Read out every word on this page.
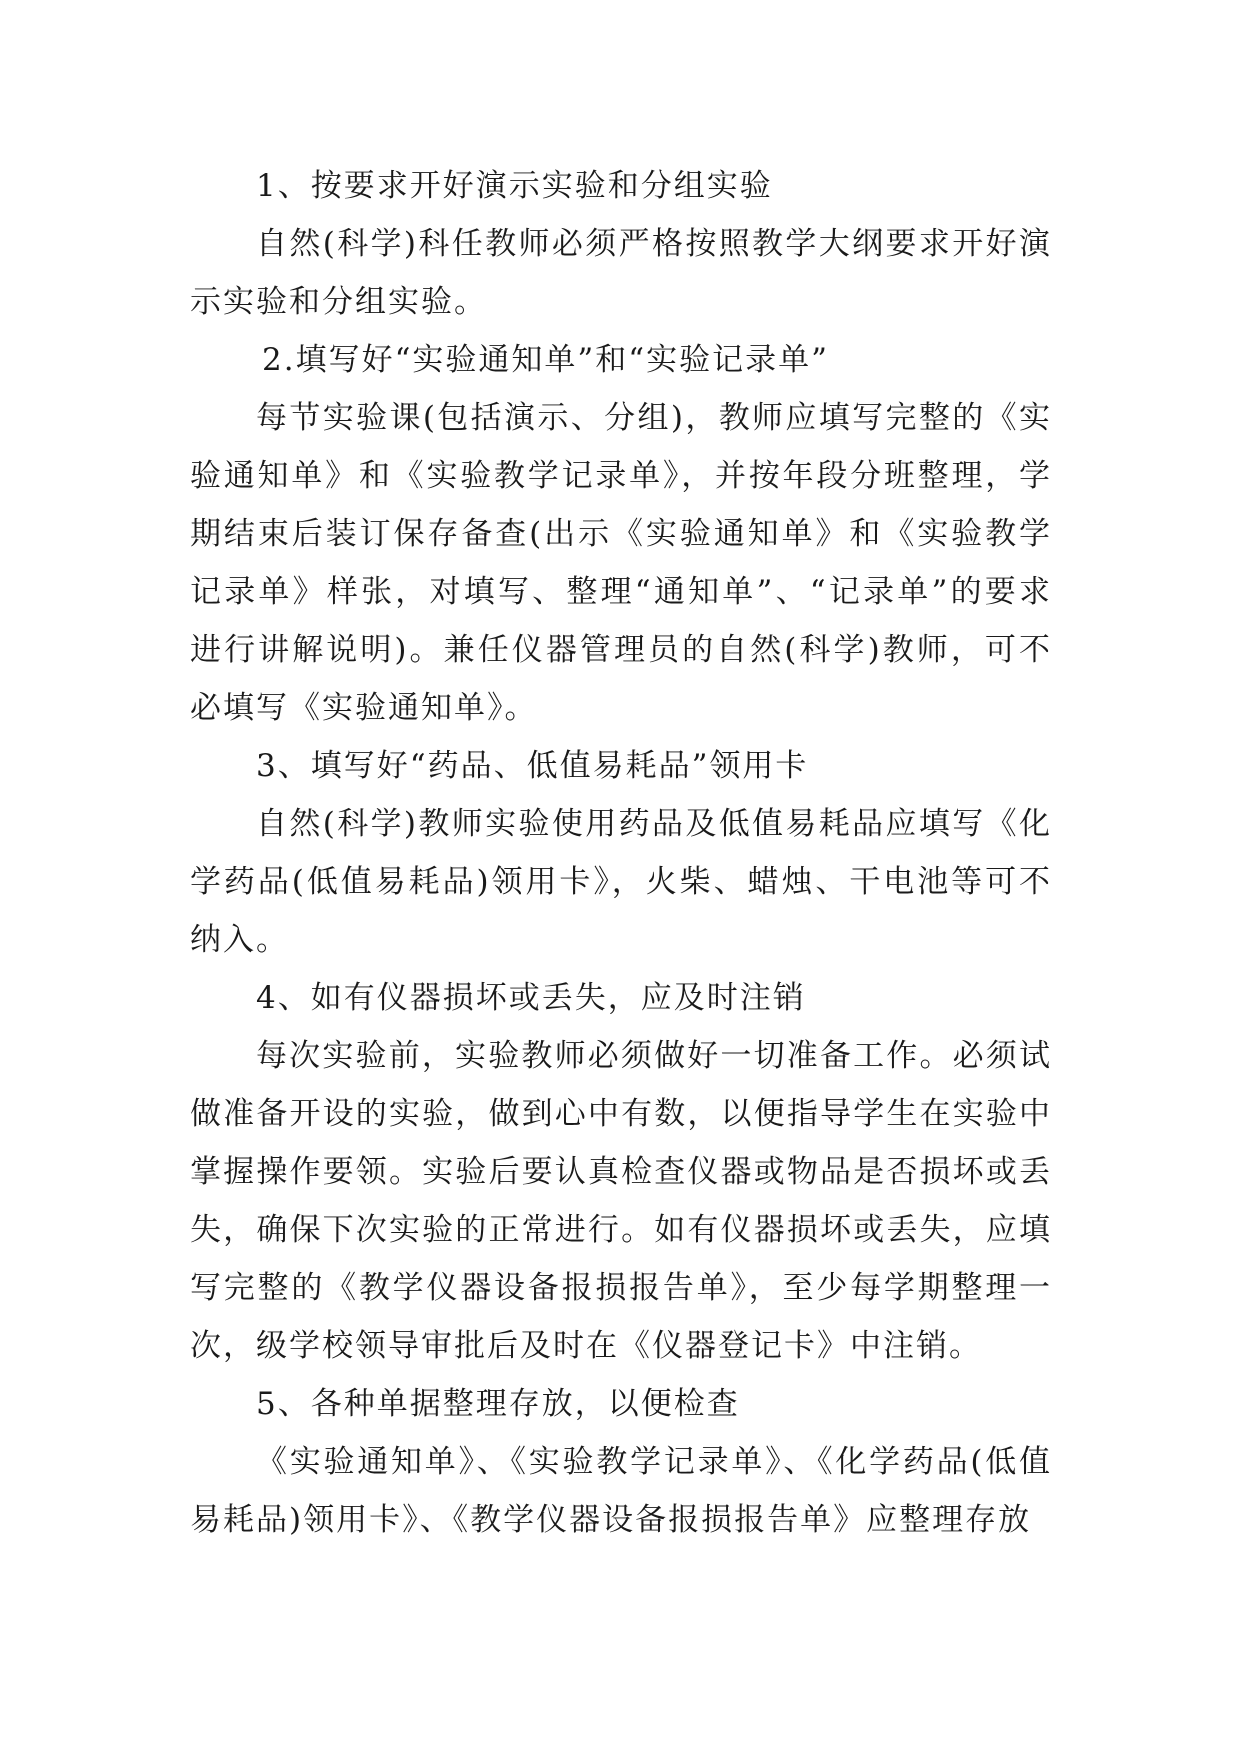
1、按要求开好演示实验和分组实验

自然(科学)科任教师必须严格按照教学大纲要求开好演示实验和分组实验。

2.填写好“实验通知单”和“实验记录单”

每节实验课(包括演示、分组)，教师应填写完整的《实验通知单》和《实验教学记录单》，并按年段分班整理，学期结束后装订保存备查(出示《实验通知单》和《实验教学记录单》样张，对填写、整理“通知单”、“记录单”的要求进行讲解说明)。兼任仪器管理员的自然(科学)教师，可不必填写《实验通知单》。

3、填写好“药品、低值易耗品”领用卡

自然(科学)教师实验使用药品及低值易耗品应填写《化学药品(低值易耗品)领用卡》，火柴、蜡烛、干电池等可不纳入。

4、如有仪器损坏或丢失，应及时注销

每次实验前，实验教师必须做好一切准备工作。必须试做准备开设的实验，做到心中有数，以便指导学生在实验中掌握操作要领。实验后要认真检查仪器或物品是否损坏或丢失，确保下次实验的正常进行。如有仪器损坏或丢失，应填写完整的《教学仪器设备报损报告单》，至少每学期整理一次，级学校领导审批后及时在《仪器登记卡》中注销。

5、各种单据整理存放，以便检查

《实验通知单》、《实验教学记录单》、《化学药品(低值易耗品)领用卡》、《教学仪器设备报损报告单》应整理存放
